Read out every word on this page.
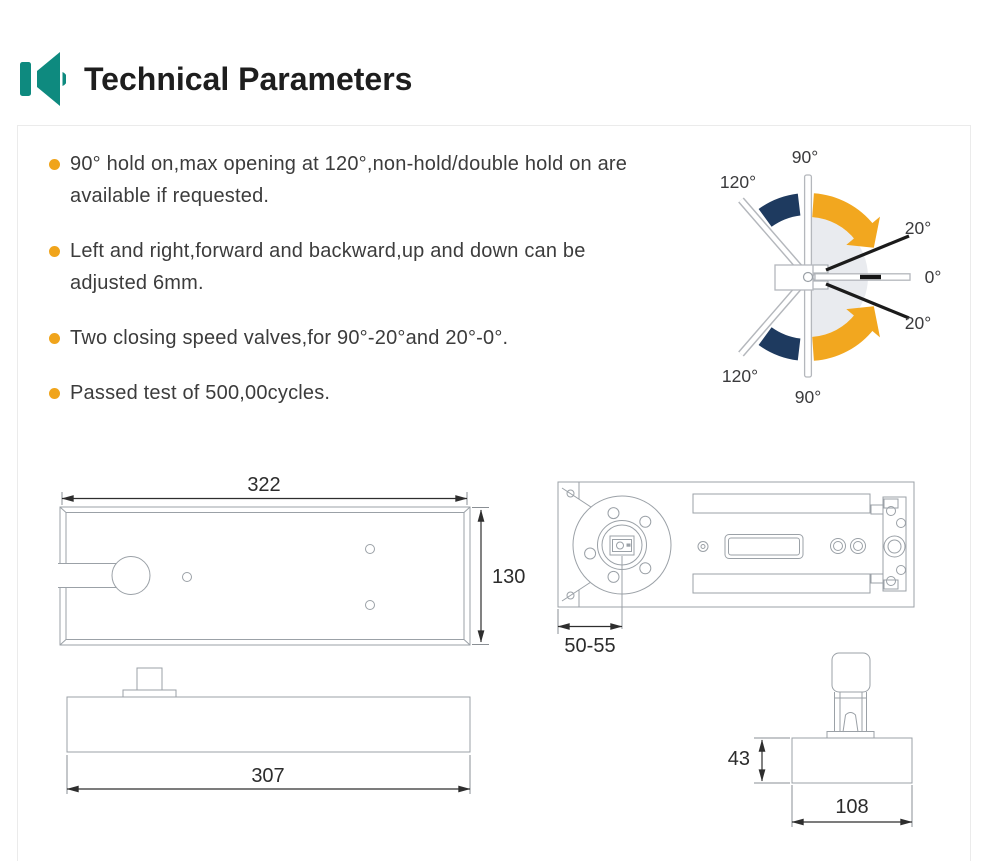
Technical Parameters
90° hold on,max opening at 120°,non-hold/double hold on are available if requested.
Left and right,forward and backward,up and down can be adjusted 6mm.
Two closing speed valves,for 90°-20°and 20°-0°.
Passed test of 500,00cycles.
90°
120°
20°
0°
20°
120°
90°
322
130
307
50-55
43
108
